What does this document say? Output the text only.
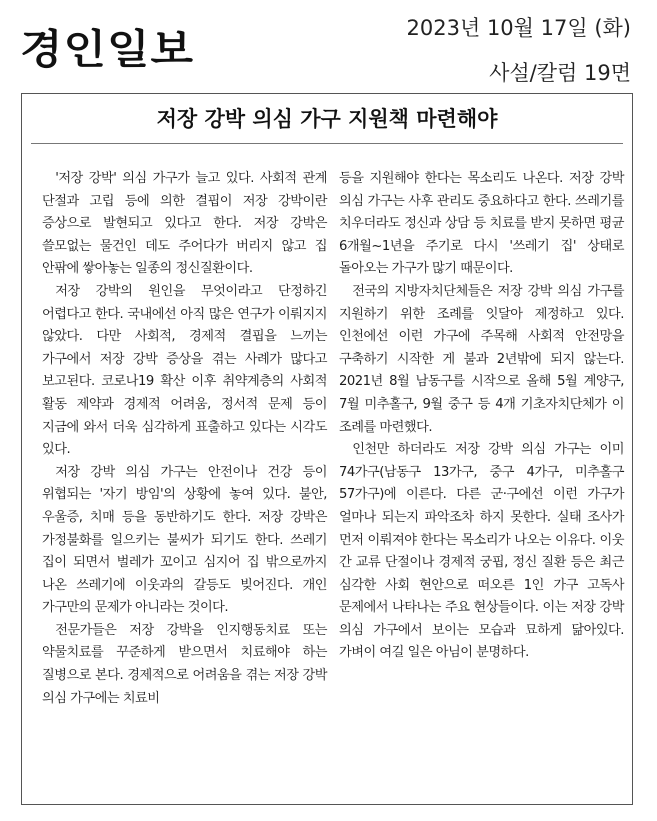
경인일보	2023년 10월 17일 (화)
사설/칼럼 19면
저장 강박 의심 가구 지원책 마련해야

'저장 강박' 의심 가구가 늘고 있다. 사회적 관계 단절과 고립 등에 의한 결핍이 저장 강박이란 증상으로 발현되고 있다고 한다. 저장 강박은 쓸모없는 물건인 데도 주어다가 버리지 않고 집 안팎에 쌓아놓는 일종의 정신질환이다.

저장 강박의 원인을 무엇이라고 단정하긴 어렵다고 한다. 국내에선 아직 많은 연구가 이뤄지지 않았다. 다만 사회적, 경제적 결핍을 느끼는 가구에서 저장 강박 증상을 겪는 사례가 많다고 보고된다. 코로나19 확산 이후 취약계층의 사회적 활동 제약과 경제적 어려움, 정서적 문제 등이 지금에 와서 더욱 심각하게 표출하고 있다는 시각도 있다.

저장 강박 의심 가구는 안전이나 건강 등이 위협되는 '자기 방임'의 상황에 놓여 있다. 불안, 우울증, 치매 등을 동반하기도 한다. 저장 강박은 가정불화를 일으키는 불씨가 되기도 한다. 쓰레기 집이 되면서 벌레가 꼬이고 심지어 집 밖으로까지 나온 쓰레기에 이웃과의 갈등도 빚어진다. 개인 가구만의 문제가 아니라는 것이다.

전문가들은 저장 강박을 인지행동치료 또는 약물치료를 꾸준하게 받으면서 치료해야 하는 질병으로 본다. 경제적으로 어려움을 겪는 저장 강박 의심 가구에는 치료비

등을 지원해야 한다는 목소리도 나온다. 저장 강박 의심 가구는 사후 관리도 중요하다고 한다. 쓰레기를 치우더라도 정신과 상담 등 치료를 받지 못하면 평균 6개월~1년을 주기로 다시 '쓰레기 집' 상태로 돌아오는 가구가 많기 때문이다.

전국의 지방자치단체들은 저장 강박 의심 가구를 지원하기 위한 조례를 잇달아 제정하고 있다. 인천에선 이런 가구에 주목해 사회적 안전망을 구축하기 시작한 게 불과 2년밖에 되지 않는다. 2021년 8월 남동구를 시작으로 올해 5월 계양구, 7월 미추홀구, 9월 중구 등 4개 기초자치단체가 이 조례를 마련했다.

인천만 하더라도 저장 강박 의심 가구는 이미 74가구(남동구 13가구, 중구 4가구, 미추홀구 57가구)에 이른다. 다른 군·구에선 이런 가구가 얼마나 되는지 파악조차 하지 못한다. 실태 조사가 먼저 이뤄져야 한다는 목소리가 나오는 이유다. 이웃 간 교류 단절이나 경제적 궁핍, 정신 질환 등은 최근 심각한 사회 현안으로 떠오른 1인 가구 고독사 문제에서 나타나는 주요 현상들이다. 이는 저장 강박 의심 가구에서 보이는 모습과 묘하게 닮아있다. 가벼이 여길 일은 아님이 분명하다.
